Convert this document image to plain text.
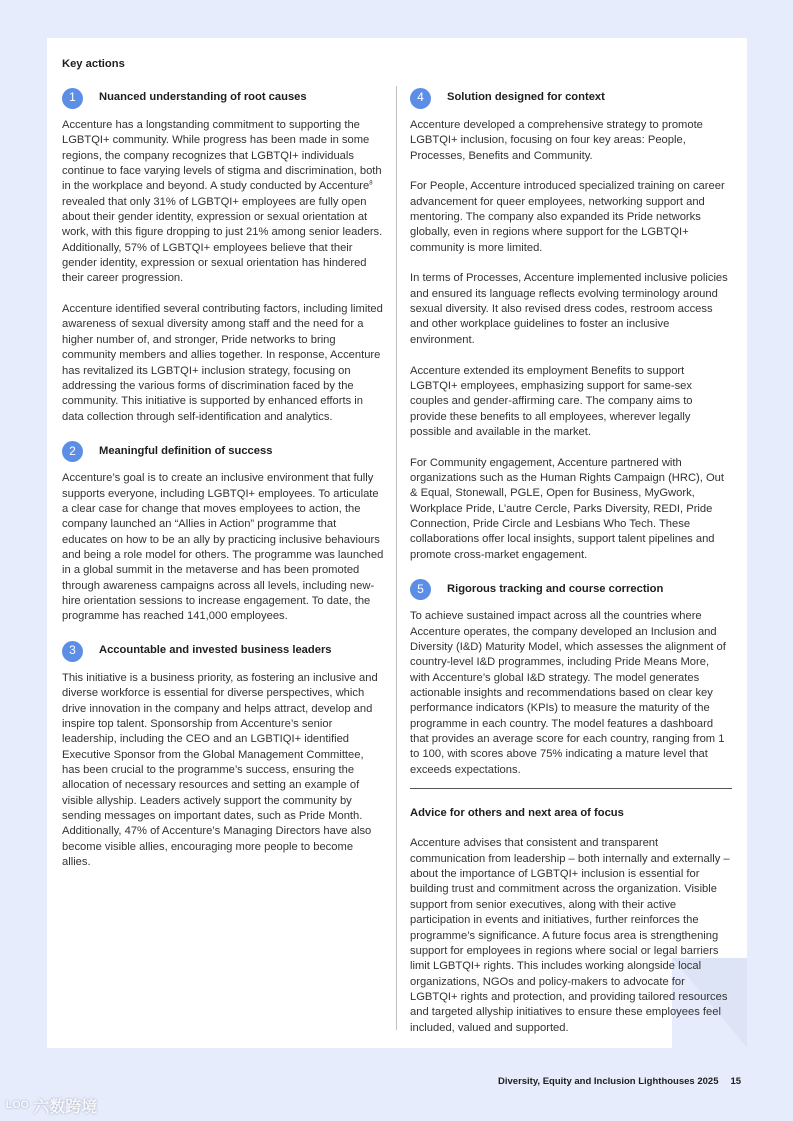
Key actions
1	Nuanced understanding of root causes

Accenture has a longstanding commitment to supporting the LGBTQI+ community. While progress has been made in some regions, the company recognizes that LGBTQI+ individuals continue to face varying levels of stigma and discrimination, both in the workplace and beyond. A study conducted by Accenture$^8$ revealed that only 31% of LGBTQI+ employees are fully open about their gender identity, expression or sexual orientation at work, with this figure dropping to just 21% among senior leaders. Additionally, 57% of LGBTQI+ employees believe that their gender identity, expression or sexual orientation has hindered their career progression.

Accenture identified several contributing factors, including limited awareness of sexual diversity among staff and the need for a higher number of, and stronger, Pride networks to bring community members and allies together. In response, Accenture has revitalized its LGBTQI+ inclusion strategy, focusing on addressing the various forms of discrimination faced by the community. This initiative is supported by enhanced efforts in data collection through self-identification and analytics.

2	Meaningful definition of success

Accenture’s goal is to create an inclusive environment that fully supports everyone, including LGBTQI+ employees. To articulate a clear case for change that moves employees to action, the company launched an “Allies in Action” programme that educates on how to be an ally by practicing inclusive behaviours and being a role model for others. The programme was launched in a global summit in the metaverse and has been promoted through awareness campaigns across all levels, including new-hire orientation sessions to increase engagement. To date, the programme has reached 141,000 employees.

3	Accountable and invested business leaders

This initiative is a business priority, as fostering an inclusive and diverse workforce is essential for diverse perspectives, which drive innovation in the company and helps attract, develop and inspire top talent. Sponsorship from Accenture’s senior leadership, including the CEO and an LGBTIQI+ identified Executive Sponsor from the Global Management Committee, has been crucial to the programme’s success, ensuring the allocation of necessary resources and setting an example of visible allyship. Leaders actively support the community by sending messages on important dates, such as Pride Month. Additionally, 47% of Accenture’s Managing Directors have also become visible allies, encouraging more people to become allies.

4	Solution designed for context

Accenture developed a comprehensive strategy to promote LGBTQI+ inclusion, focusing on four key areas: People, Processes, Benefits and Community.

For People, Accenture introduced specialized training on career advancement for queer employees, networking support and mentoring. The company also expanded its Pride networks globally, even in regions where support for the LGBTQI+ community is more limited.

In terms of Processes, Accenture implemented inclusive policies and ensured its language reflects evolving terminology around sexual diversity. It also revised dress codes, restroom access and other workplace guidelines to foster an inclusive environment.

Accenture extended its employment Benefits to support LGBTQI+ employees, emphasizing support for same-sex couples and gender-affirming care. The company aims to provide these benefits to all employees, wherever legally possible and available in the market.

For Community engagement, Accenture partnered with organizations such as the Human Rights Campaign (HRC), Out & Equal, Stonewall, PGLE, Open for Business, MyGwork, Workplace Pride, L’autre Cercle, Parks Diversity, REDI, Pride Connection, Pride Circle and Lesbians Who Tech. These collaborations offer local insights, support talent pipelines and promote cross-market engagement.

5	Rigorous tracking and course correction

To achieve sustained impact across all the countries where Accenture operates, the company developed an Inclusion and Diversity (I&D) Maturity Model, which assesses the alignment of country-level I&D programmes, including Pride Means More, with Accenture’s global I&D strategy. The model generates actionable insights and recommendations based on clear key performance indicators (KPIs) to measure the maturity of the programme in each country. The model features a dashboard that provides an average score for each country, ranging from 1 to 100, with scores above 75% indicating a mature level that exceeds expectations.

Advice for others and next area of focus

Accenture advises that consistent and transparent communication from leadership – both internally and externally – about the importance of LGBTQI+ inclusion is essential for building trust and commitment across the organization. Visible support from senior executives, along with their active participation in events and initiatives, further reinforces the programme’s significance. A future focus area is strengthening support for employees in regions where social or legal barriers limit LGBTQI+ rights. This includes working alongside local organizations, NGOs and policy-makers to advocate for LGBTQI+ rights and protection, and providing tailored resources and targeted allyship initiatives to ensure these employees feel included, valued and supported.

Diversity, Equity and Inclusion Lighthouses 2025 15
ᴸᴼᴼ 六数跨境
